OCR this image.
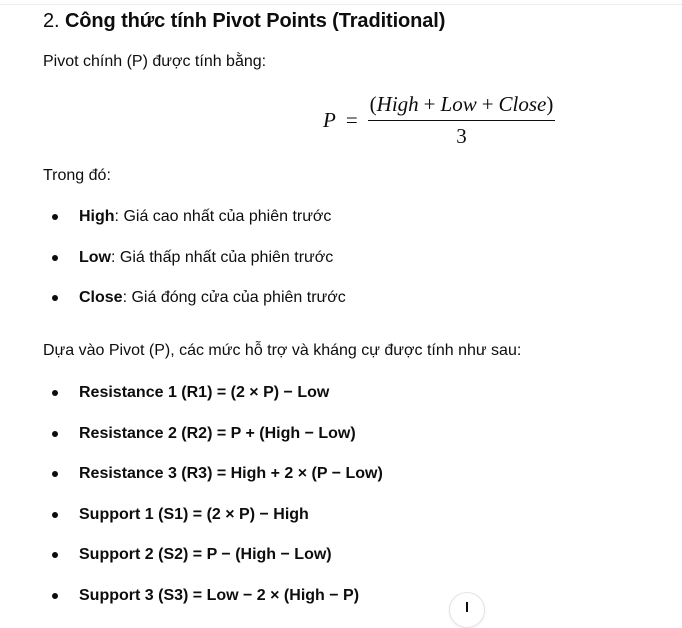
2. Công thức tính Pivot Points (Traditional)

Pivot chính (P) được tính bằng:

$P = \frac{\text{(High + Low + Close)}}{3}$

Trong đó:

High: Giá cao nhất của phiên trước
Low: Giá thấp nhất của phiên trước
Close: Giá đóng cửa của phiên trước

Dựa vào Pivot (P), các mức hỗ trợ và kháng cự được tính như sau:

Resistance 1 (R1) = (2 × P) − Low
Resistance 2 (R2) = P + (High − Low)
Resistance 3 (R3) = High + 2 × (P − Low)
Support 1 (S1) = (2 × P) − High
Support 2 (S2) = P − (High − Low)
Support 3 (S3) = Low − 2 × (High − P)
